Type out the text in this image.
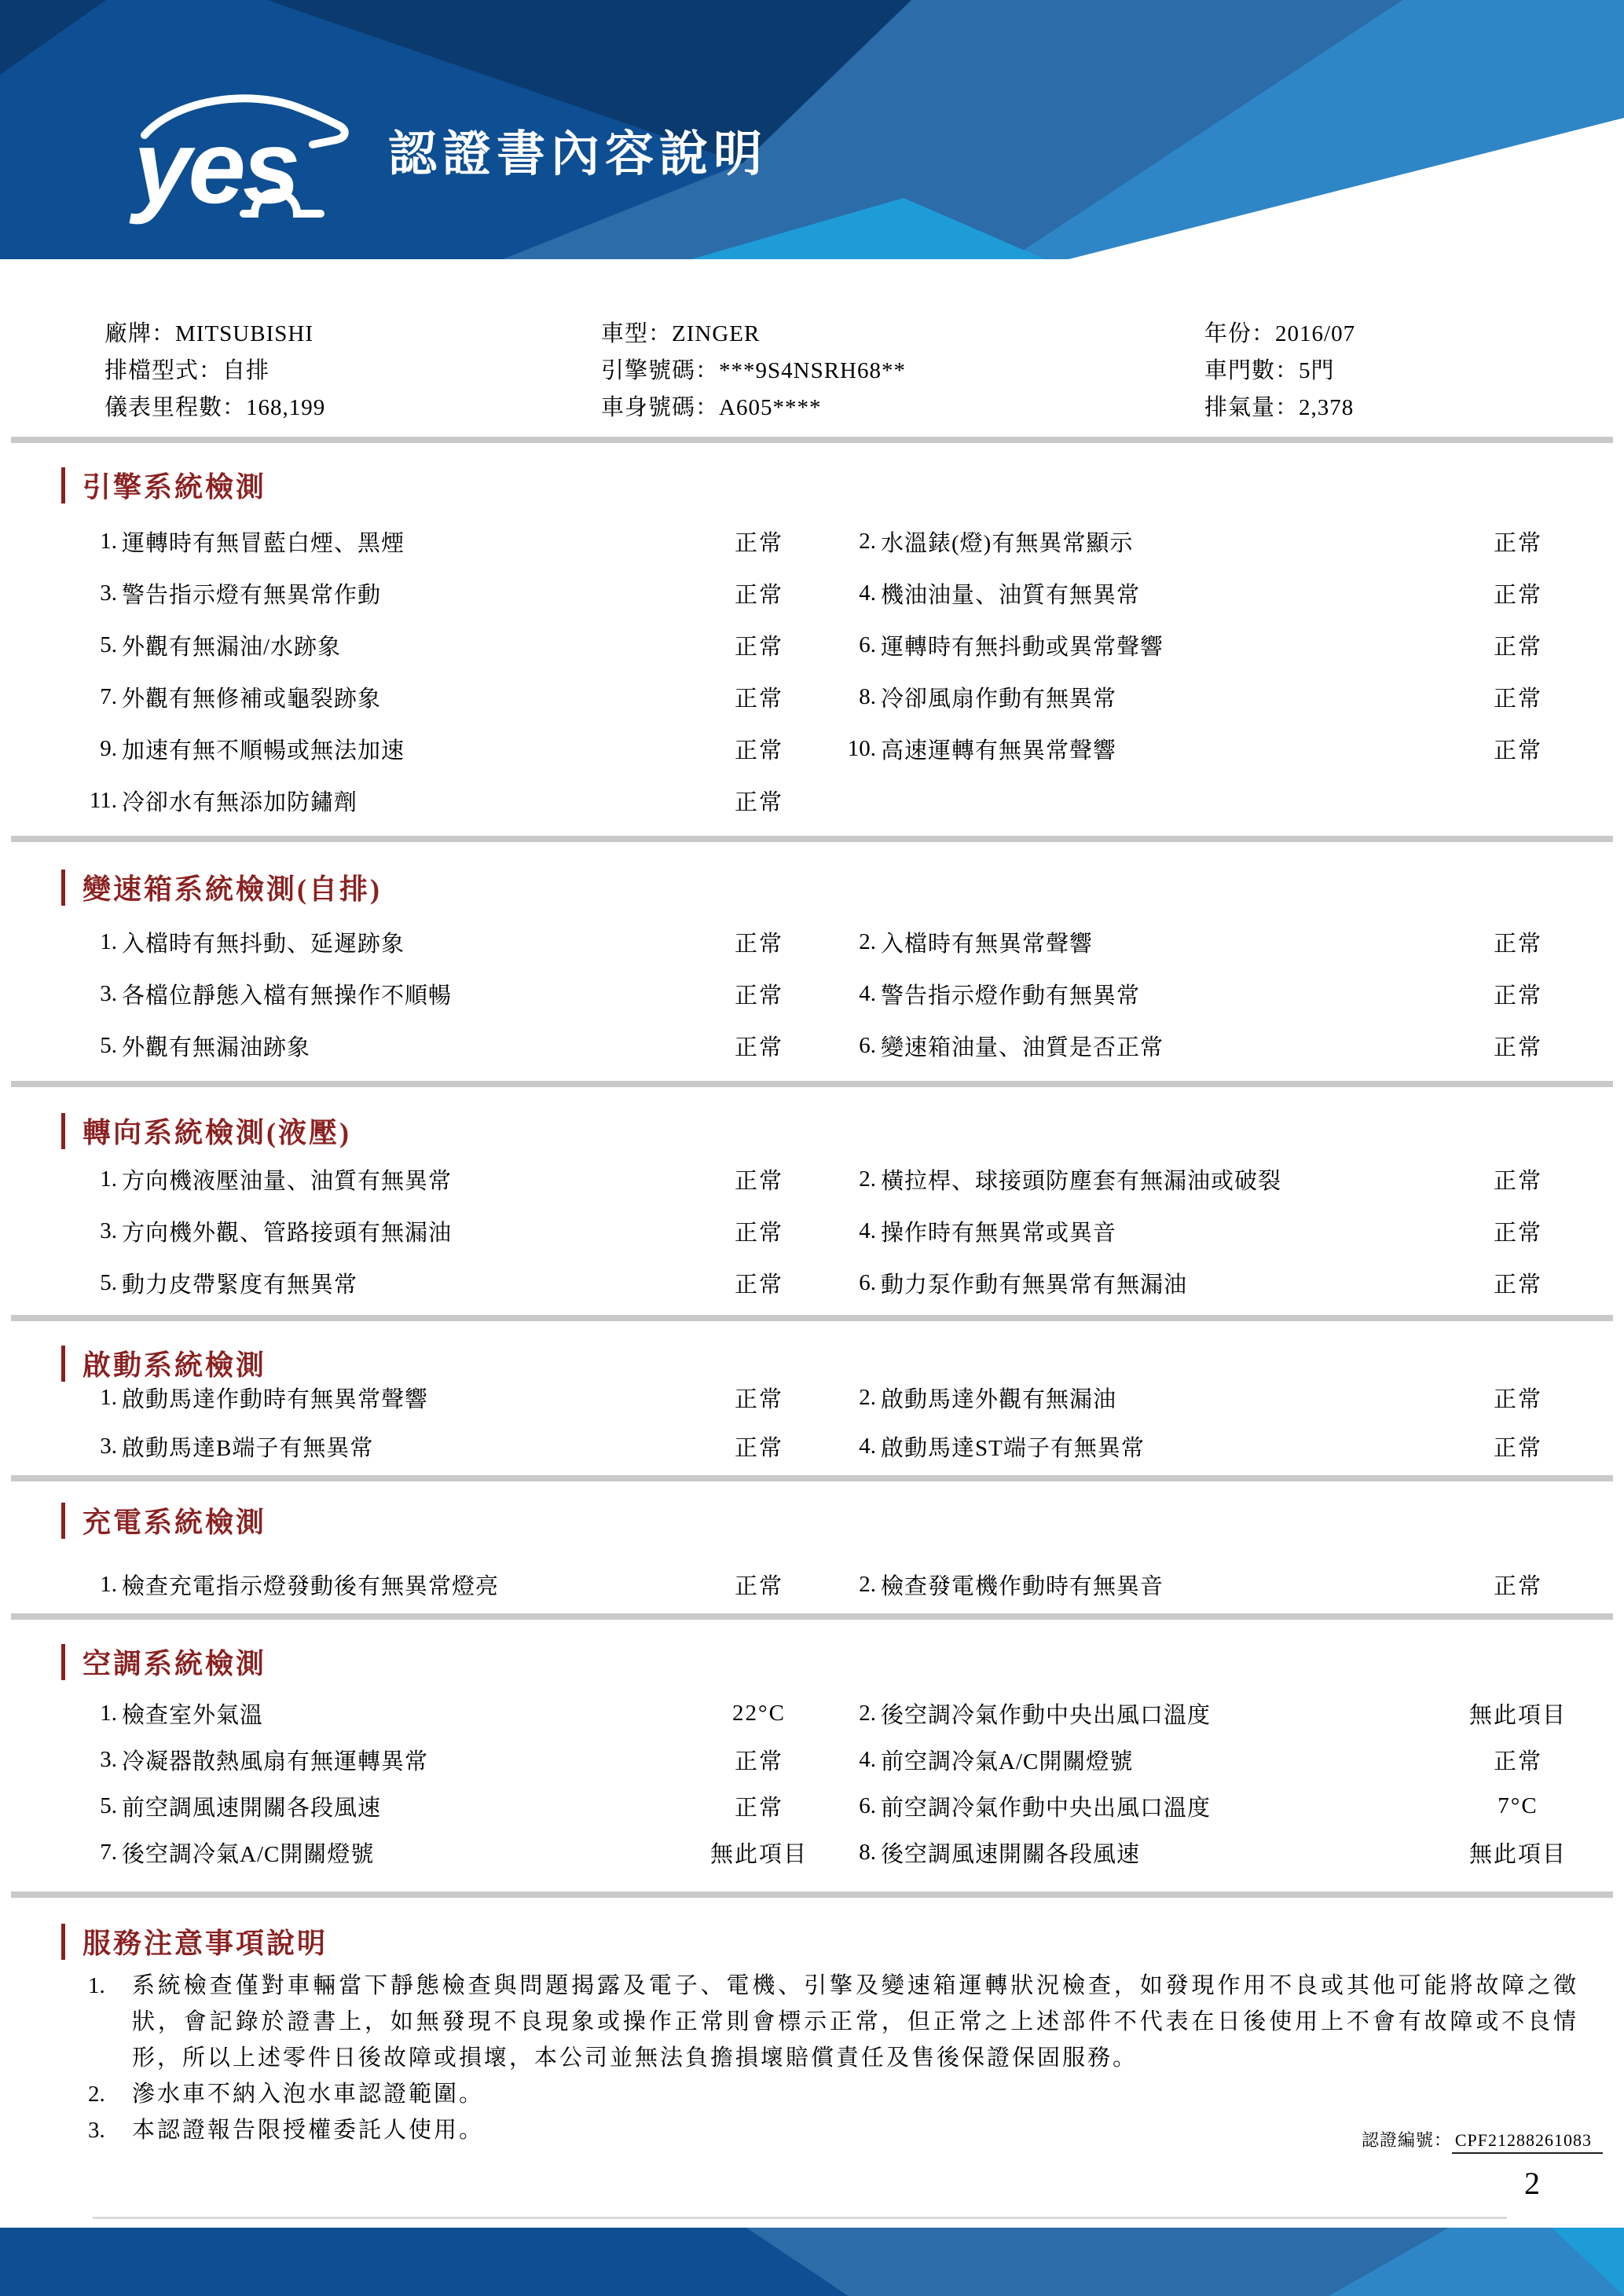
yes 認證書內容說明
廠牌：MITSUBISHI
排檔型式：自排
儀表里程數：168,199
車型：ZINGER
引擎號碼：***9S4NSRH68**
車身號碼：A605****
年份：2016/07
車門數：5門
排氣量：2,378
引擎系統檢測
1. 運轉時有無冒藍白煙、黑煙	正常	2. 水溫錶(燈)有無異常顯示	正常
3. 警告指示燈有無異常作動	正常	4. 機油油量、油質有無異常	正常
5. 外觀有無漏油/水跡象	正常	6. 運轉時有無抖動或異常聲響	正常
7. 外觀有無修補或龜裂跡象	正常	8. 冷卻風扇作動有無異常	正常
9. 加速有無不順暢或無法加速	正常	10. 高速運轉有無異常聲響	正常
11. 冷卻水有無添加防鏽劑	正常
變速箱系統檢測(自排)
1. 入檔時有無抖動、延遲跡象	正常	2. 入檔時有無異常聲響	正常
3. 各檔位靜態入檔有無操作不順暢	正常	4. 警告指示燈作動有無異常	正常
5. 外觀有無漏油跡象	正常	6. 變速箱油量、油質是否正常	正常
轉向系統檢測(液壓)
1. 方向機液壓油量、油質有無異常	正常	2. 橫拉桿、球接頭防塵套有無漏油或破裂	正常
3. 方向機外觀、管路接頭有無漏油	正常	4. 操作時有無異常或異音	正常
5. 動力皮帶緊度有無異常	正常	6. 動力泵作動有無異常有無漏油	正常
啟動系統檢測
1. 啟動馬達作動時有無異常聲響	正常	2. 啟動馬達外觀有無漏油	正常
3. 啟動馬達B端子有無異常	正常	4. 啟動馬達ST端子有無異常	正常
充電系統檢測
1. 檢查充電指示燈發動後有無異常燈亮	正常	2. 檢查發電機作動時有無異音	正常
空調系統檢測
1. 檢查室外氣溫	22°C	2. 後空調冷氣作動中央出風口溫度	無此項目
3. 冷凝器散熱風扇有無運轉異常	正常	4. 前空調冷氣A/C開關燈號	正常
5. 前空調風速開關各段風速	正常	6. 前空調冷氣作動中央出風口溫度	7°C
7. 後空調冷氣A/C開關燈號	無此項目	8. 後空調風速開關各段風速	無此項目
服務注意事項說明
1.	系統檢查僅對車輛當下靜態檢查與問題揭露及電子、電機、引擎及變速箱運轉狀況檢查，如發現作用不良或其他可能將故障之徵狀，會記錄於證書上，如無發現不良現象或操作正常則會標示正常，但正常之上述部件不代表在日後使用上不會有故障或不良情形，所以上述零件日後故障或損壞，本公司並無法負擔損壞賠償責任及售後保證保固服務。
2.	滲水車不納入泡水車認證範圍。
3.	本認證報告限授權委託人使用。	認證編號： CPF21288261083
2
